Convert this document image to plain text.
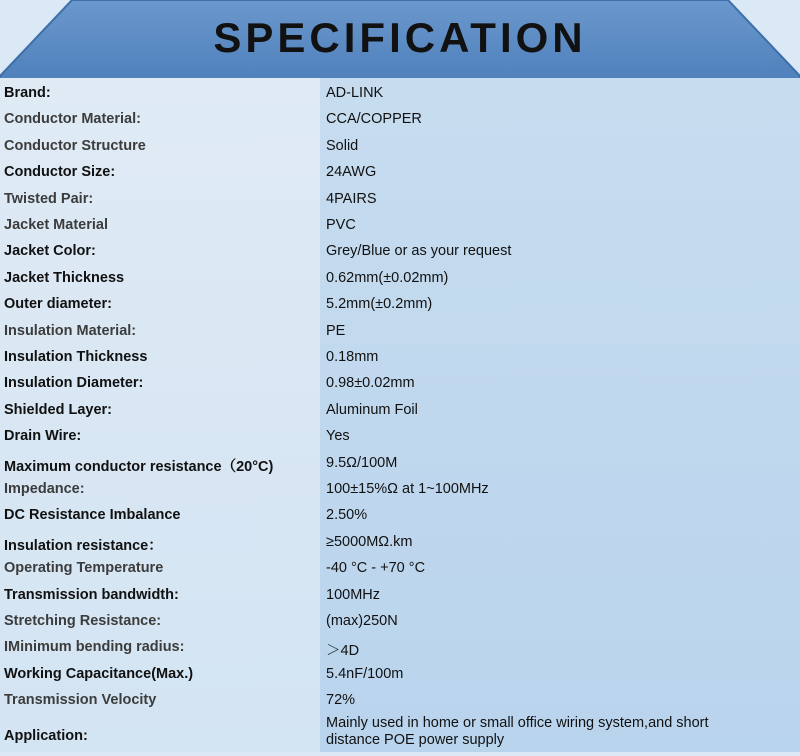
SPECIFICATION
Brand:	AD-LINK
Conductor Material:	CCA/COPPER
Conductor Structure	Solid
Conductor Size:	24AWG
Twisted Pair:	4PAIRS
Jacket Material	PVC
Jacket Color:	Grey/Blue or as your request
Jacket Thickness	0.62mm(±0.02mm)
Outer diameter:	5.2mm(±0.2mm)
Insulation Material:	PE
Insulation Thickness	0.18mm
Insulation Diameter:	0.98±0.02mm
Shielded Layer:	Aluminum Foil
Drain Wire:	Yes
Maximum conductor resistance（20°C)	9.5Ω/100M
Impedance:	100±15%Ω at 1~100MHz
DC Resistance Imbalance	2.50%
Insulation resistance：	≥5000MΩ.km
Operating Temperature	-40 °C - +70 °C
Transmission bandwidth:	100MHz
Stretching Resistance:	(max)250N
IMinimum bending radius:	＞4D
Working Capacitance(Max.)	5.4nF/100m
Transmission Velocity	72%
Application:
Mainly used in home or small office wiring system,and short distance POE power supply
